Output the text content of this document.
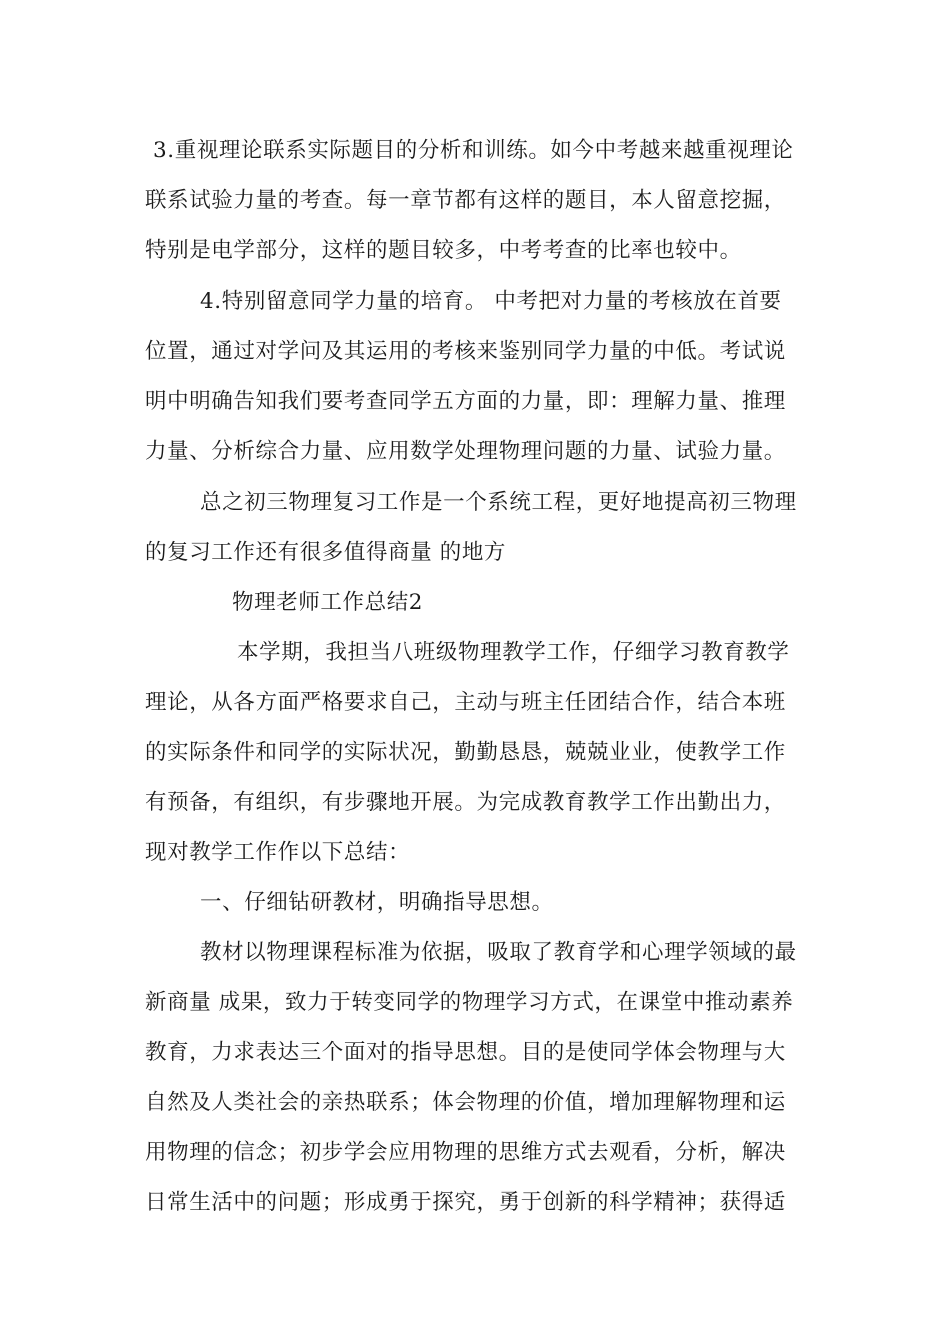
3.重视理论联系实际题目的分析和训练。如今中考越来越重视理论
联系试验力量的考查。每一章节都有这样的题目，本人留意挖掘，
特别是电学部分，这样的题目较多，中考考查的比率也较中。
4.特别留意同学力量的培育。 中考把对力量的考核放在首要
位置，通过对学问及其运用的考核来鉴别同学力量的中低。考试说
明中明确告知我们要考查同学五方面的力量，即：理解力量、推理
力量、分析综合力量、应用数学处理物理问题的力量、试验力量。
总之初三物理复习工作是一个系统工程，更好地提高初三物理
的复习工作还有很多值得商量 的地方
物理老师工作总结2
本学期，我担当八班级物理教学工作，仔细学习教育教学
理论，从各方面严格要求自己，主动与班主任团结合作，结合本班
的实际条件和同学的实际状况，勤勤恳恳，兢兢业业，使教学工作
有预备，有组织，有步骤地开展。为完成教育教学工作出勤出力，
现对教学工作作以下总结：
一、仔细钻研教材，明确指导思想。
教材以物理课程标准为依据，吸取了教育学和心理学领域的最
新商量 成果，致力于转变同学的物理学习方式，在课堂中推动素养
教育，力求表达三个面对的指导思想。目的是使同学体会物理与大
自然及人类社会的亲热联系；体会物理的价值，增加理解物理和运
用物理的信念；初步学会应用物理的思维方式去观看，分析，解决
日常生活中的问题；形成勇于探究，勇于创新的科学精神；获得适
